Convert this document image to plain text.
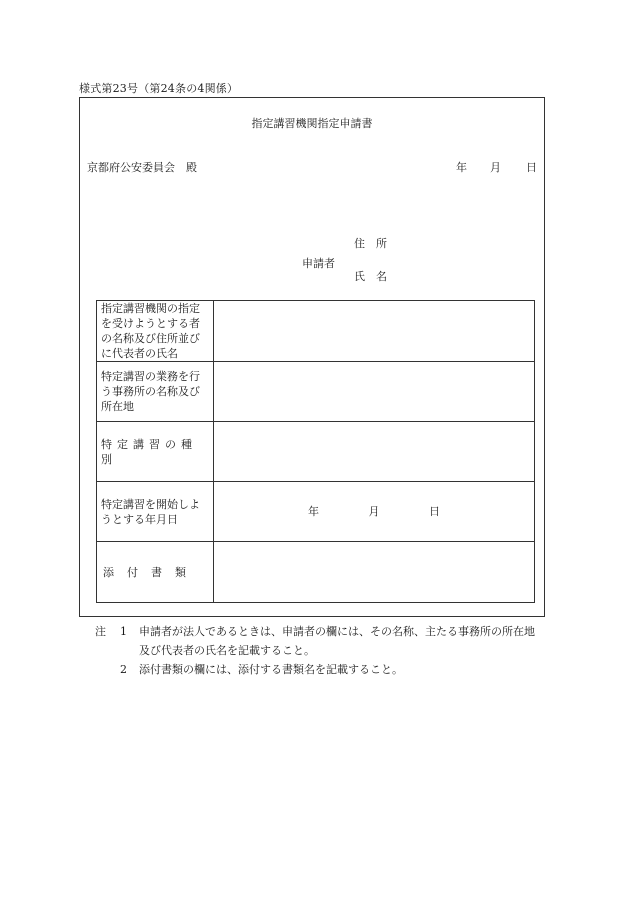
様式第23号（第24条の4関係）
指定講習機関指定申請書
京都府公安委員会　殿	年 月 日
申請者
住　所
氏　名
指定講習機関の指定を受けようとする者の名称及び住所並びに代表者の氏名	
特定講習の業務を行う事務所の名称及び所在地	
特定講習の種別	
特定講習を開始しようとする年月日	年 月 日
添付書類	
注 1 申請者が法人であるときは、申請者の欄には、その名称、主たる事務所の所在地及び代表者の氏名を記載すること。
2 添付書類の欄には、添付する書類名を記載すること。
